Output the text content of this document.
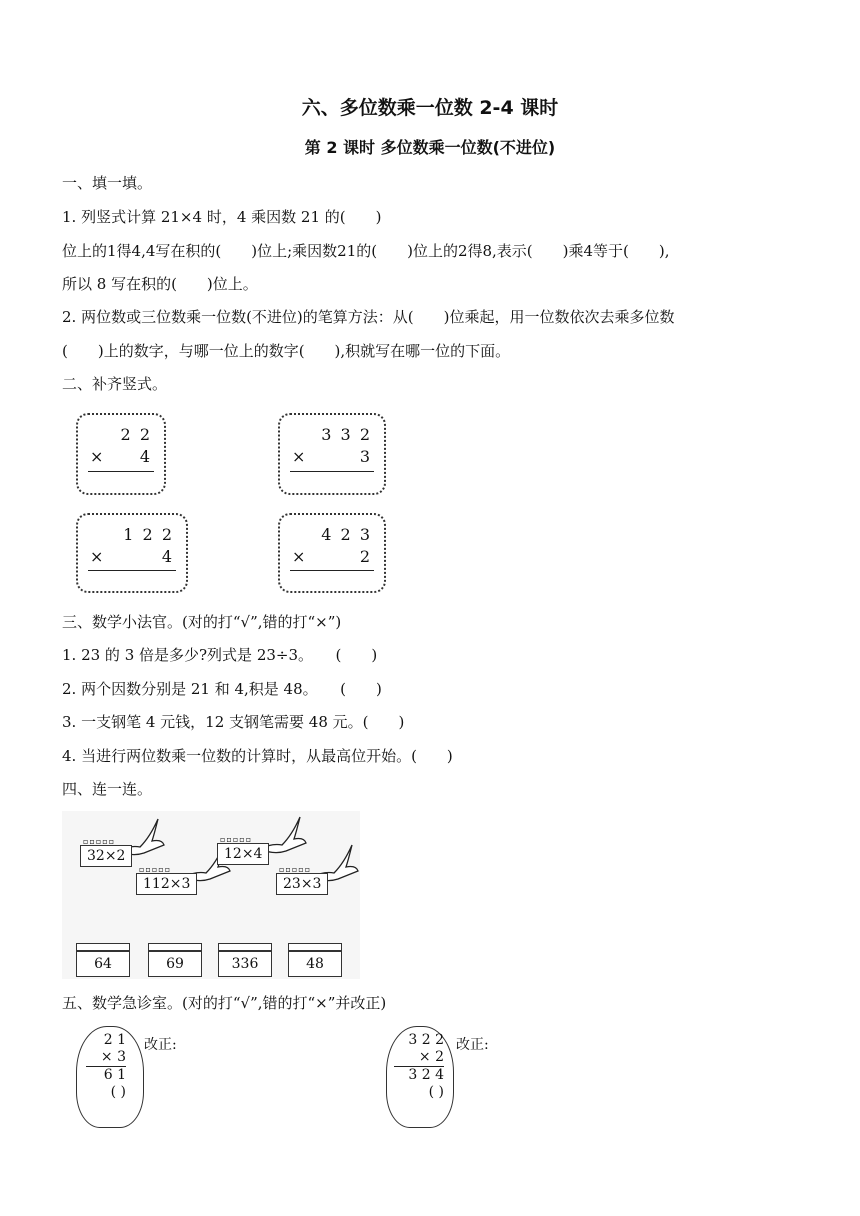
六、多位数乘一位数 2-4 课时
第 2 课时 多位数乘一位数(不进位)
一、填一填。
1. 列竖式计算 21×4 时，4 乘因数 21 的(　　)
位上的1得4,4写在积的(　　)位上;乘因数21的(　　)位上的2得8,表示(　　)乘4等于(　　),
所以 8 写在积的(　　)位上。
2. 两位数或三位数乘一位数(不进位)的笔算方法：从(　　)位乘起，用一位数依次去乘多位数
(　　)上的数字，与哪一位上的数字(　　),积就写在哪一位的下面。
二、补齐竖式。
2 2
× 4
3 3 2
×	3
1 2 2
×	4
4 2 3
×	2
三、数学小法官。(对的打“√”,错的打“×”)
1. 23 的 3 倍是多少?列式是 23÷3。　　(　　)
2. 两个因数分别是 21 和 4,积是 48。　　(　　)
3. 一支钢笔 4 元钱，12 支钢笔需要 48 元。(　　)
4. 当进行两位数乘一位数的计算时，从最高位开始。(　　)
四、连一连。
▫▫▫▫▫
32×2
▫▫▫▫▫
112×3
▫▫▫▫▫
12×4
▫▫▫▫▫
23×3
64	69	336	48
五、数学急诊室。(对的打“√”,错的打“×”并改正)
2 1
× 3
6 1
( )
改正:	3 2 2
× 2
3 2 4
( )
改正:
